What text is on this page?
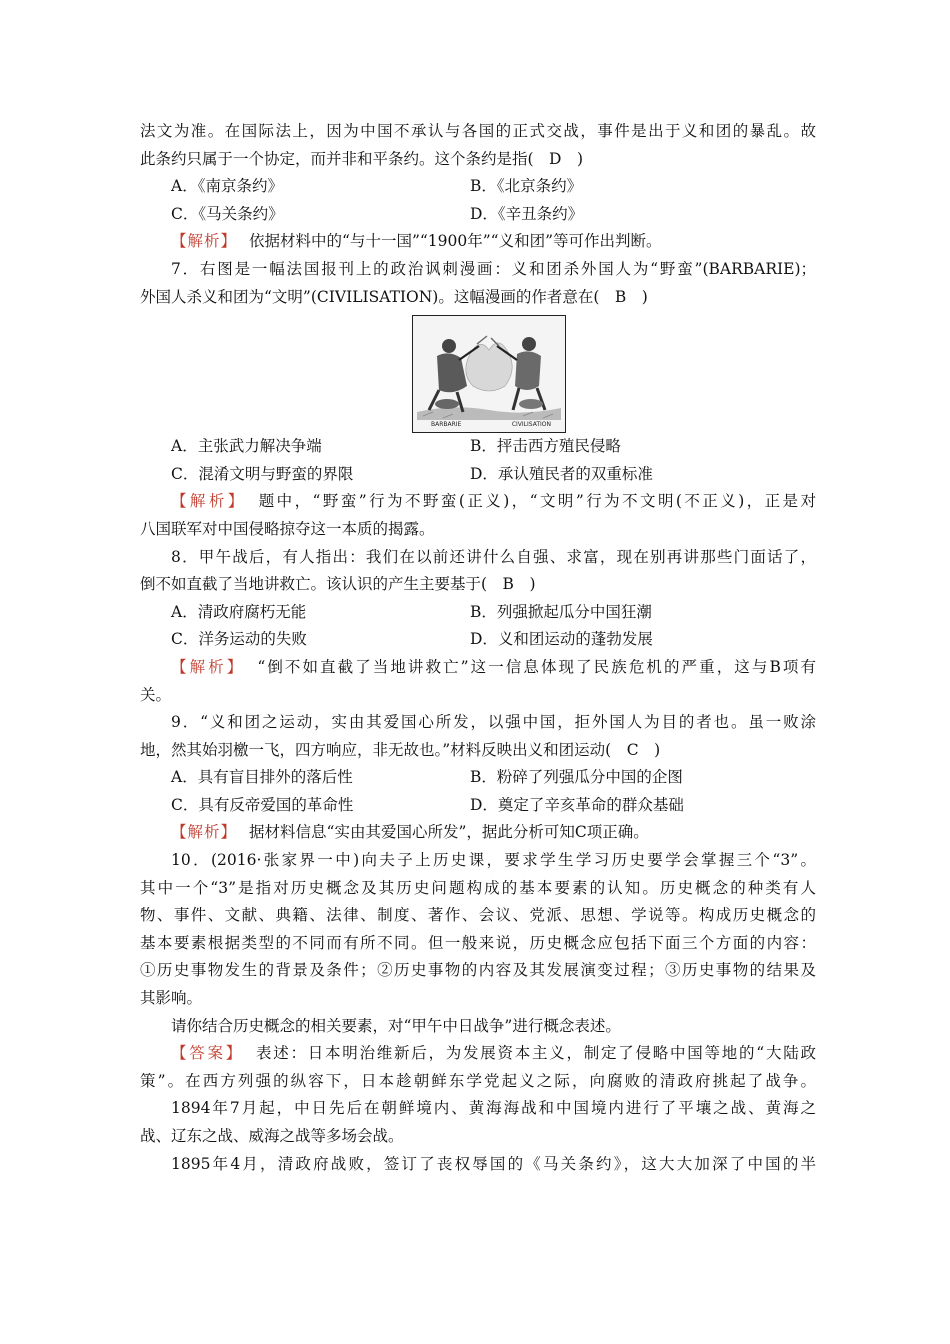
法文为准。在国际法上，因为中国不承认与各国的正式交战，事件是出于义和团的暴乱。故
此条约只属于一个协定，而并非和平条约。这个条约是指(　D　)
A．《南京条约》	B．《北京条约》
C．《马关条约》	D．《辛丑条约》
【解析】 依据材料中的“与十一国”“1900年”“义和团”等可作出判断。
7．右图是一幅法国报刊上的政治讽刺漫画：义和团杀外国人为“野蛮”(BARBARIE)；
外国人杀义和团为“文明”(CIVILISATION)。这幅漫画的作者意在(　B　)
BARBARIE	CIVILISATION
A．主张武力解决争端	B．抨击西方殖民侵略
C．混淆文明与野蛮的界限	D．承认殖民者的双重标准
【解析】 题中，“野蛮”行为不野蛮(正义)，“文明”行为不文明(不正义)，正是对
八国联军对中国侵略掠夺这一本质的揭露。
8．甲午战后，有人指出：我们在以前还讲什么自强、求富，现在别再讲那些门面话了，
倒不如直截了当地讲救亡。该认识的产生主要基于(　B　)
A．清政府腐朽无能	B．列强掀起瓜分中国狂潮
C．洋务运动的失败	D．义和团运动的蓬勃发展
【解析】 “倒不如直截了当地讲救亡”这一信息体现了民族危机的严重，这与B项有
关。
9．“义和团之运动，实由其爱国心所发，以强中国，拒外国人为目的者也。虽一败涂
地，然其始羽檄一飞，四方响应，非无故也。”材料反映出义和团运动(　C　)
A．具有盲目排外的落后性	B．粉碎了列强瓜分中国的企图
C．具有反帝爱国的革命性	D．奠定了辛亥革命的群众基础
【解析】 据材料信息“实由其爱国心所发”，据此分析可知C项正确。
10．(2016·张家界一中)向夫子上历史课，要求学生学习历史要学会掌握三个“3”。
其中一个“3”是指对历史概念及其历史问题构成的基本要素的认知。历史概念的种类有人
物、事件、文献、典籍、法律、制度、著作、会议、党派、思想、学说等。构成历史概念的
基本要素根据类型的不同而有所不同。但一般来说，历史概念应包括下面三个方面的内容：
①历史事物发生的背景及条件；②历史事物的内容及其发展演变过程；③历史事物的结果及
其影响。
请你结合历史概念的相关要素，对“甲午中日战争”进行概念表述。
【答案】 表述：日本明治维新后，为发展资本主义，制定了侵略中国等地的“大陆政
策”。在西方列强的纵容下，日本趁朝鲜东学党起义之际，向腐败的清政府挑起了战争。
1894年7月起，中日先后在朝鲜境内、黄海海战和中国境内进行了平壤之战、黄海之
战、辽东之战、威海之战等多场会战。
1895年4月，清政府战败，签订了丧权辱国的《马关条约》，这大大加深了中国的半
